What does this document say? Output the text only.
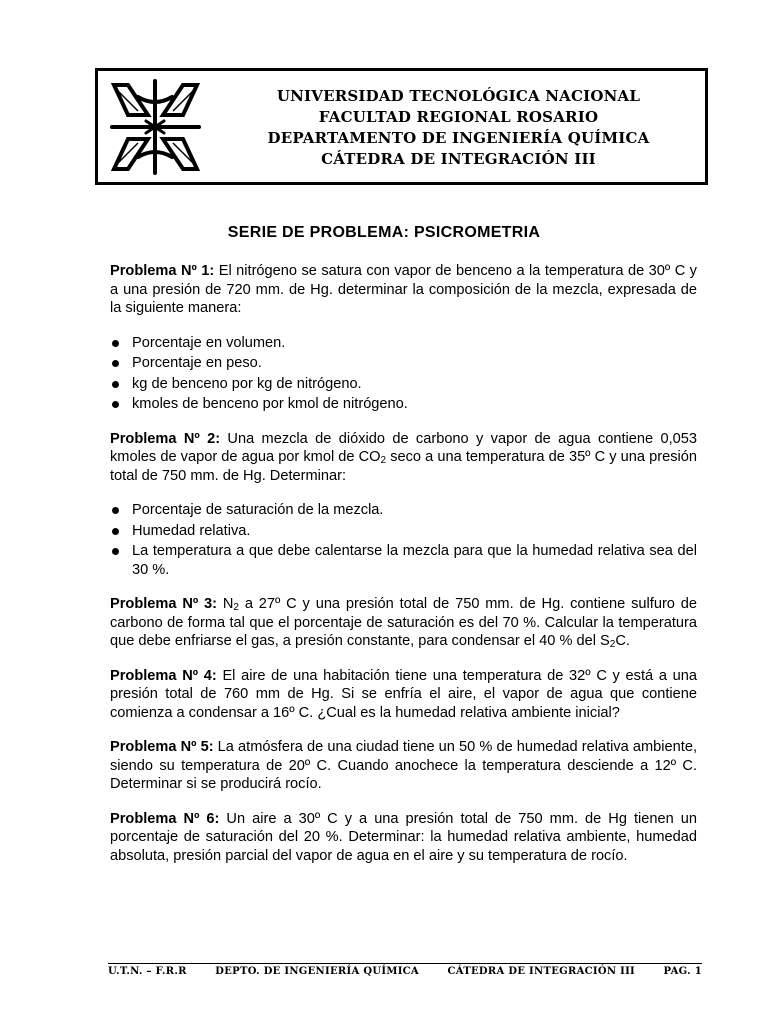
UNIVERSIDAD TECNOLÓGICA NACIONAL
FACULTAD REGIONAL ROSARIO
DEPARTAMENTO DE INGENIERÍA QUÍMICA
CÁTEDRA DE INTEGRACIÓN III
SERIE DE PROBLEMA: PSICROMETRIA

Problema Nº 1: El nitrógeno se satura con vapor de benceno a la temperatura de 30º C y a una presión de 720 mm. de Hg. determinar la composición de la mezcla, expresada de la siguiente manera:

Porcentaje en volumen.
Porcentaje en peso.
kg de benceno por kg de nitrógeno.
kmoles de benceno por kmol de nitrógeno.

Problema Nº 2: Una mezcla de dióxido de carbono y vapor de agua contiene 0,053 kmoles de vapor de agua por kmol de $CO_2$ seco a una temperatura de 35º C y una presión total de 750 mm. de Hg. Determinar:

Porcentaje de saturación de la mezcla.
Humedad relativa.
La temperatura a que debe calentarse la mezcla para que la humedad relativa sea del 30 %.

Problema Nº 3: $N_2$ a 27º C y una presión total de 750 mm. de Hg. contiene sulfuro de carbono de forma tal que el porcentaje de saturación es del 70 %. Calcular la temperatura que debe enfriarse el gas, a presión constante, para condensar el 40 % del $S_2C$.

Problema Nº 4: El aire de una habitación tiene una temperatura de 32º C y está a una presión total de 760 mm de Hg. Si se enfría el aire, el vapor de agua que contiene comienza a condensar a 16º C. ¿Cual es la humedad relativa ambiente inicial?

Problema Nº 5: La atmósfera de una ciudad tiene un 50 % de humedad relativa ambiente, siendo su temperatura de 20º C. Cuando anochece la temperatura desciende a 12º C. Determinar si se producirá rocío.

Problema Nº 6: Un aire a 30º C y a una presión total de 750 mm. de Hg tienen un porcentaje de saturación del 20 %. Determinar: la humedad relativa ambiente, humedad absoluta, presión parcial del vapor de agua en el aire y su temperatura de rocío.

U.T.N. – F.R.R	DEPTO. DE INGENIERÍA QUÍMICA	CÁTEDRA DE INTEGRACIÓN III	PAG. 1
